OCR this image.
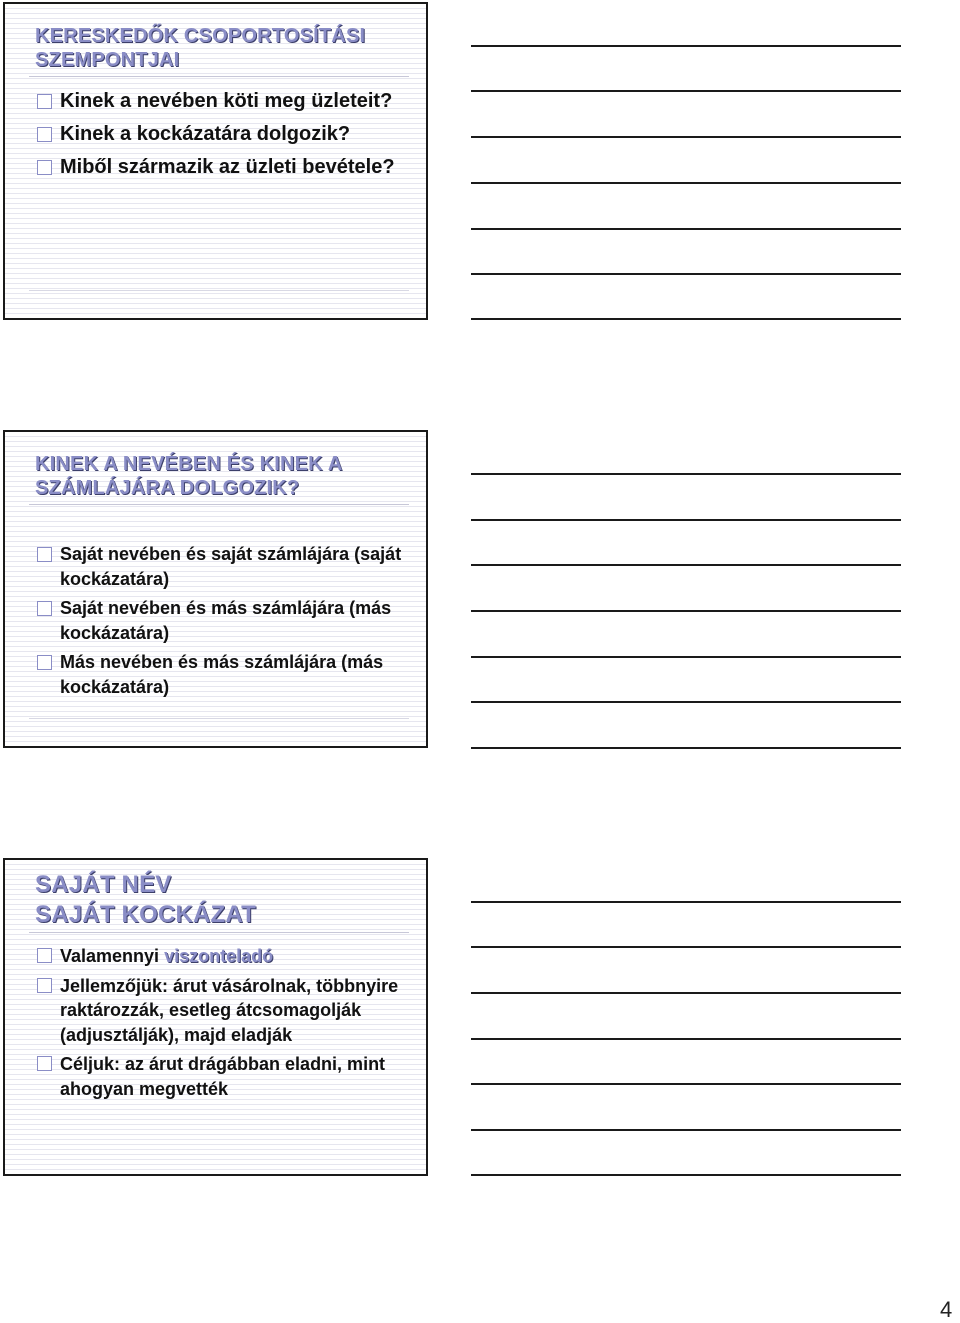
KERESKEDŐK CSOPORTOSÍTÁSI SZEMPONTJAI
Kinek a nevében köti meg üzleteit?
Kinek a kockázatára dolgozik?
Miből származik az üzleti bevétele?
KINEK A NEVÉBEN ÉS KINEK A SZÁMLÁJÁRA DOLGOZIK?
Saját nevében és saját számlájára (saját kockázatára)
Saját nevében és más számlájára (más kockázatára)
Más nevében és más számlájára (más kockázatára)
SAJÁT NÉV
SAJÁT KOCKÁZAT
Valamennyi viszonteladó
Jellemzőjük: árut vásárolnak, többnyire raktározzák, esetleg átcsomagolják (adjusztálják), majd eladják
Céljuk: az árut drágábban eladni, mint ahogyan megvették
4
